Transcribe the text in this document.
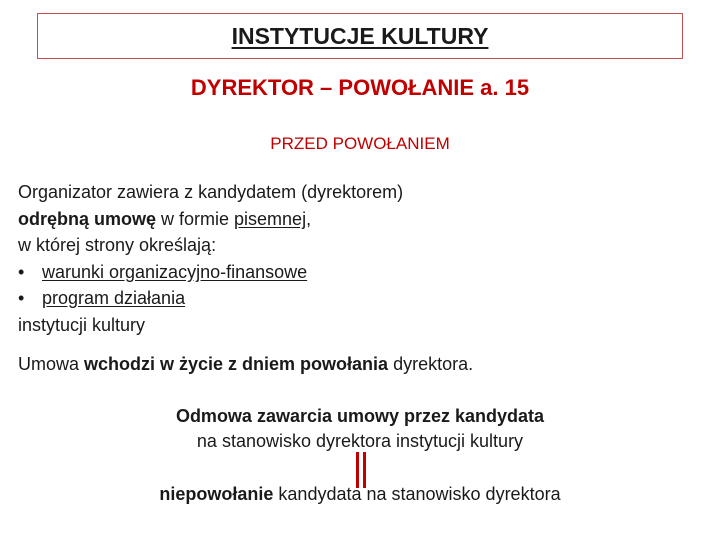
INSTYTUCJE KULTURY
DYREKTOR – POWOŁANIE a. 15
PRZED POWOŁANIEM
Organizator zawiera z kandydatem (dyrektorem)
odrębną umowę w formie pisemnej,
w której strony określają:
• warunki organizacyjno-finansowe
• program działania
instytucji kultury
Umowa wchodzi w życie z dniem powołania dyrektora.
Odmowa zawarcia umowy przez kandydata
na stanowisko dyrektora instytucji kultury
niepowołanie kandydata na stanowisko dyrektora
